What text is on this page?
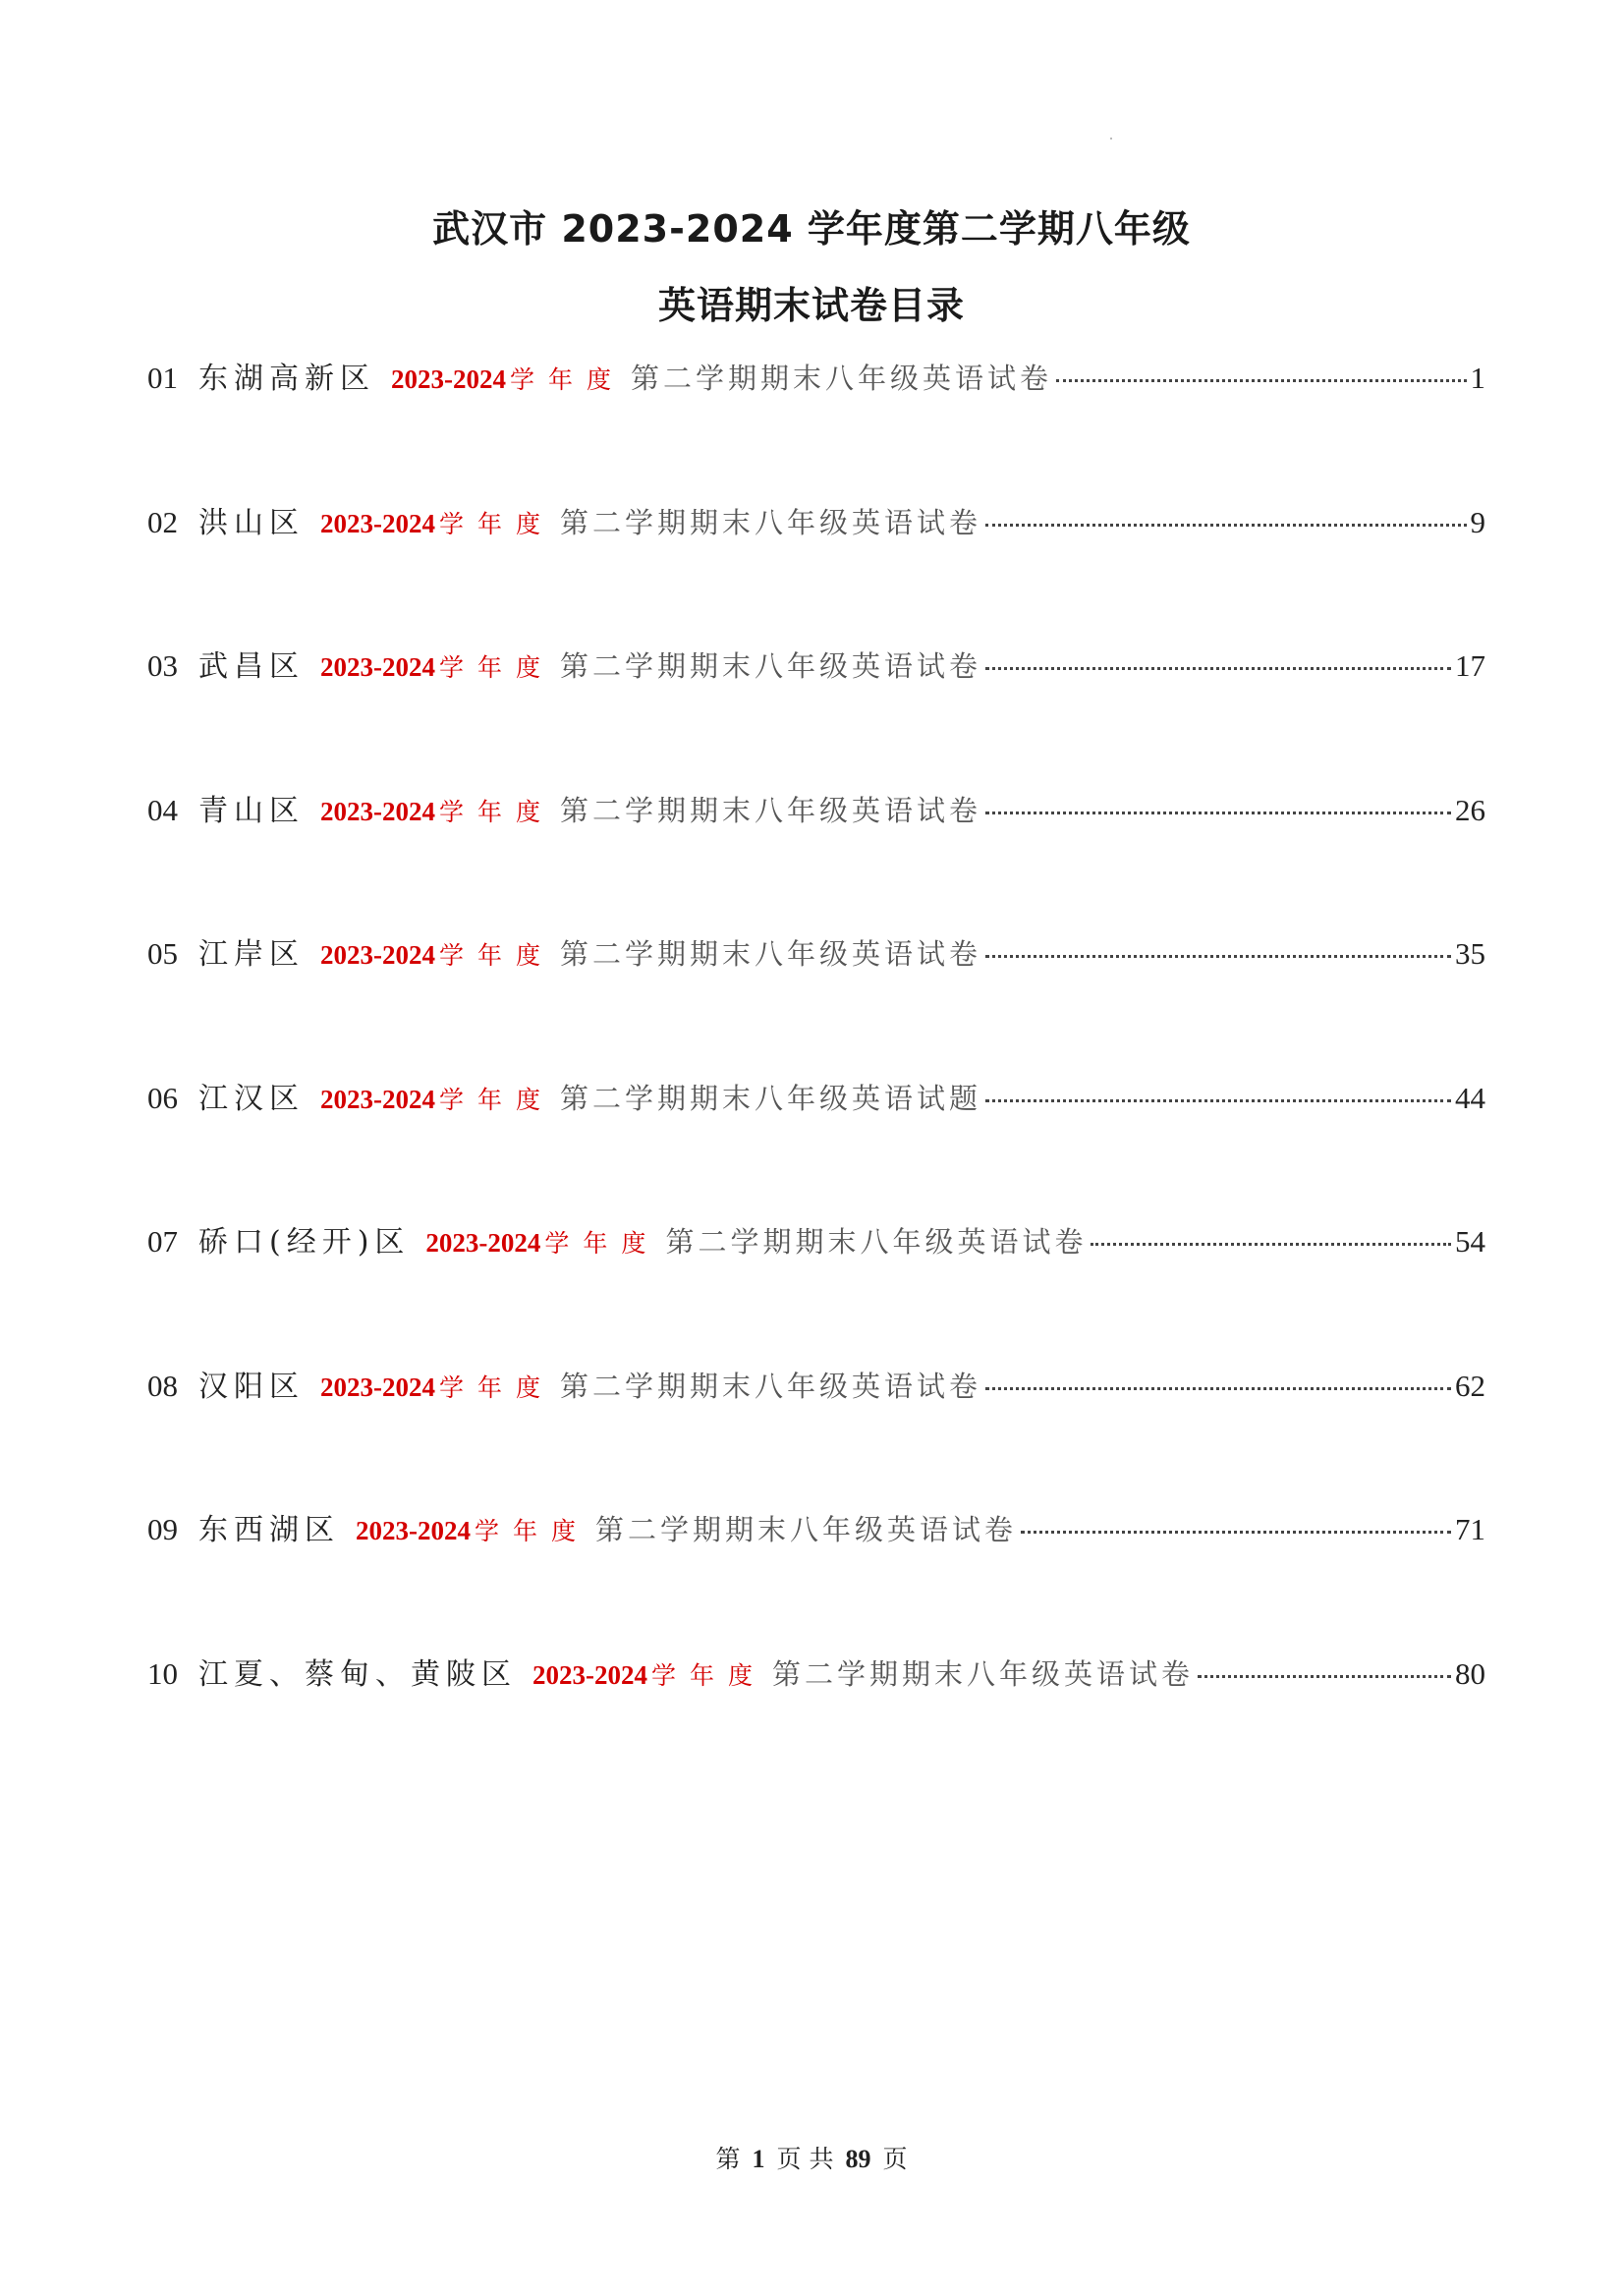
武汉市 2023-2024 学年度第二学期八年级
英语期末试卷目录
01 东湖高新区 2023-2024 学年度 第二学期期末八年级英语试卷	1
02 洪山区 2023-2024 学年度 第二学期期末八年级英语试卷	9
03 武昌区 2023-2024 学年度 第二学期期末八年级英语试卷	17
04 青山区 2023-2024 学年度 第二学期期末八年级英语试卷	26
05 江岸区 2023-2024 学年度 第二学期期末八年级英语试卷	35
06 江汉区 2023-2024 学年度 第二学期期末八年级英语试题	44
07 硚口(经开)区 2023-2024 学年度 第二学期期末八年级英语试卷	54
08 汉阳区 2023-2024 学年度 第二学期期末八年级英语试卷	62
09 东西湖区 2023-2024 学年度 第二学期期末八年级英语试卷	71
10 江夏、蔡甸、黄陂区 2023-2024 学年度 第二学期期末八年级英语试卷	80
第 1 页 共 89 页
